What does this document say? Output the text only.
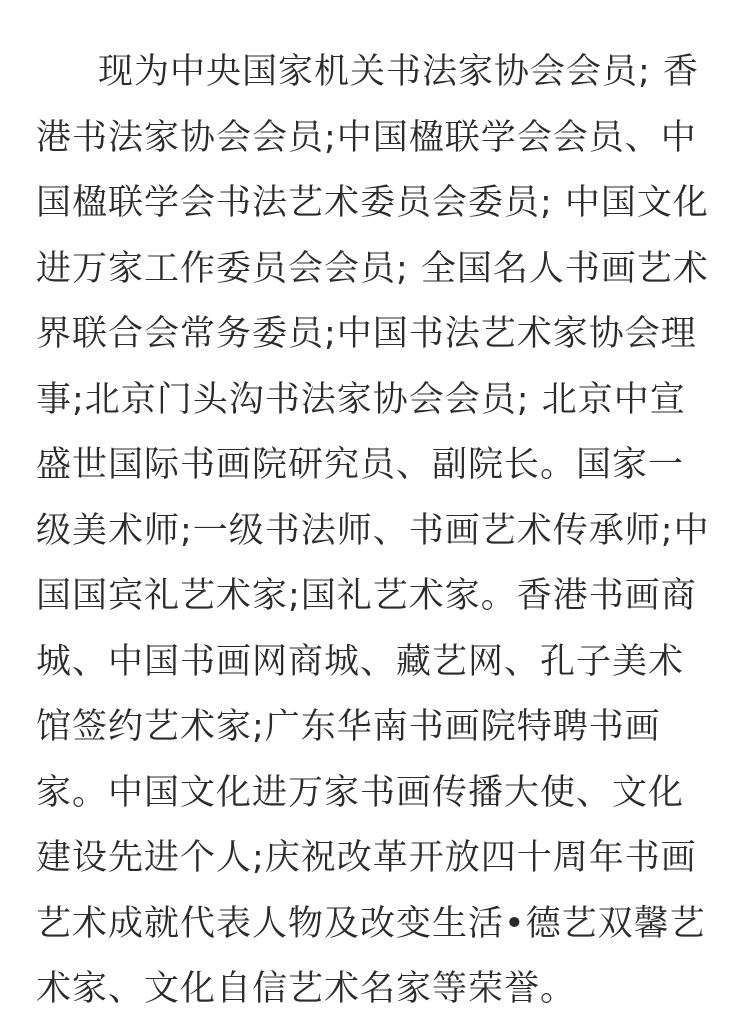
现为中央国家机关书法家协会会员; 香
港书法家协会会员;中国楹联学会会员、中
国楹联学会书法艺术委员会委员; 中国文化
进万家工作委员会会员; 全国名人书画艺术
界联合会常务委员;中国书法艺术家协会理
事;北京门头沟书法家协会会员; 北京中宣
盛世国际书画院研究员、副院长。国家一
级美术师;一级书法师、书画艺术传承师;中
国国宾礼艺术家;国礼艺术家。香港书画商
城、中国书画网商城、藏艺网、孔子美术
馆签约艺术家;广东华南书画院特聘书画
家。中国文化进万家书画传播大使、文化
建设先进个人;庆祝改革开放四十周年书画
艺术成就代表人物及改变生活•德艺双馨艺
术家、文化自信艺术名家等荣誉。
